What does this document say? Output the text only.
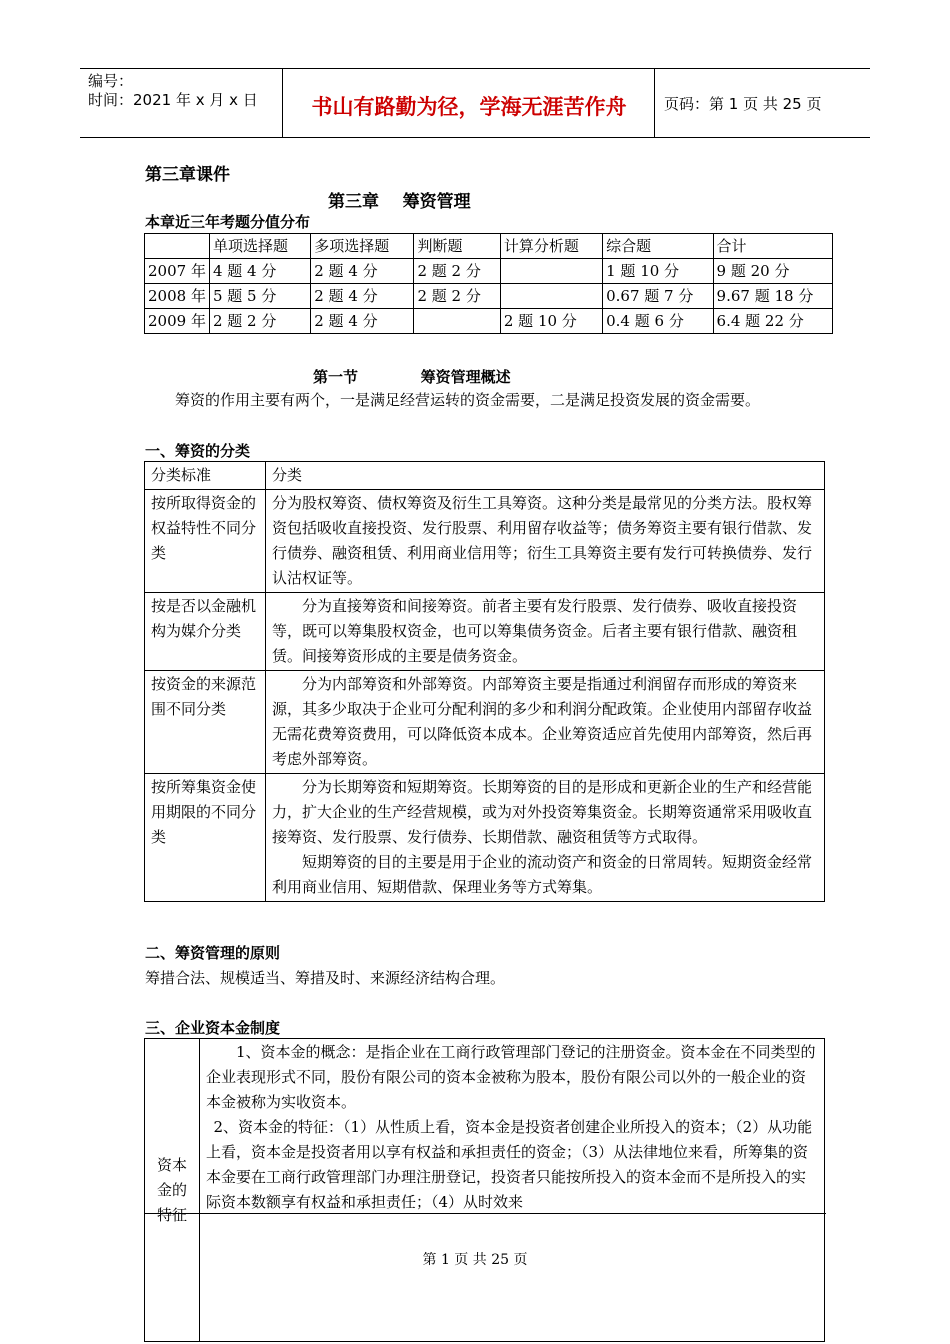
编号：
时间：2021 年 x 月 x 日	书山有路勤为径，学海无涯苦作舟	页码：第 1 页 共 25 页
第三章课件
第三章    筹资管理
本章近三年考题分值分布
	单项选择题	多项选择题	判断题	计算分析题	综合题	合计
2007 年	4 题 4 分	2 题 4 分	2 题 2 分		1 题 10 分	9 题 20 分
2008 年	5 题 5 分	2 题 4 分	2 题 2 分		0.67 题 7 分	9.67 题 18 分
2009 年	2 题 2 分	2 题 4 分		2 题 10 分	0.4 题 6 分	6.4 题 22 分
第一节            筹资管理概述
筹资的作用主要有两个，一是满足经营运转的资金需要，二是满足投资发展的资金需要。
一、筹资的分类
分类标准	分类
按所取得资金的权益特性不同分类	分为股权筹资、债权筹资及衍生工具筹资。这种分类是最常见的分类方法。股权筹资包括吸收直接投资、发行股票、利用留存收益等；债务筹资主要有银行借款、发行债券、融资租赁、利用商业信用等；衍生工具筹资主要有发行可转换债券、发行认沽权证等。
按是否以金融机构为媒介分类	分为直接筹资和间接筹资。前者主要有发行股票、发行债券、吸收直接投资等，既可以筹集股权资金，也可以筹集债务资金。后者主要有银行借款、融资租赁。间接筹资形成的主要是债务资金。
按资金的来源范围不同分类	分为内部筹资和外部筹资。内部筹资主要是指通过利润留存而形成的筹资来源，其多少取决于企业可分配利润的多少和利润分配政策。企业使用内部留存收益无需花费筹资费用，可以降低资本成本。企业筹资适应首先使用内部筹资，然后再考虑外部筹资。
按所筹集资金使用期限的不同分类	分为长期筹资和短期筹资。长期筹资的目的是形成和更新企业的生产和经营能力，扩大企业的生产经营规模，或为对外投资筹集资金。长期筹资通常采用吸收直接筹资、发行股票、发行债券、长期借款、融资租赁等方式取得。
短期筹资的目的主要是用于企业的流动资产和资金的日常周转。短期资金经常利用商业信用、短期借款、保理业务等方式筹集。
二、筹资管理的原则
筹措合法、规模适当、筹措及时、来源经济结构合理。
三、企业资本金制度
资本金的特征	
1、资本金的概念：是指企业在工商行政管理部门登记的注册资金。资本金在不同类型的企业表现形式不同，股份有限公司的资本金被称为股本，股份有限公司以外的一般企业的资本金被称为实收资本。
2、资本金的特征：（1）从性质上看，资本金是投资者创建企业所投入的资本；（2）从功能上看，资本金是投资者用以享有权益和承担责任的资金；（3）从法律地位来看，所筹集的资本金要在工商行政管理部门办理注册登记，投资者只能按所投入的资本金而不是所投入的实际资本数额享有权益和承担责任；（4）从时效来
第 1 页 共 25 页
